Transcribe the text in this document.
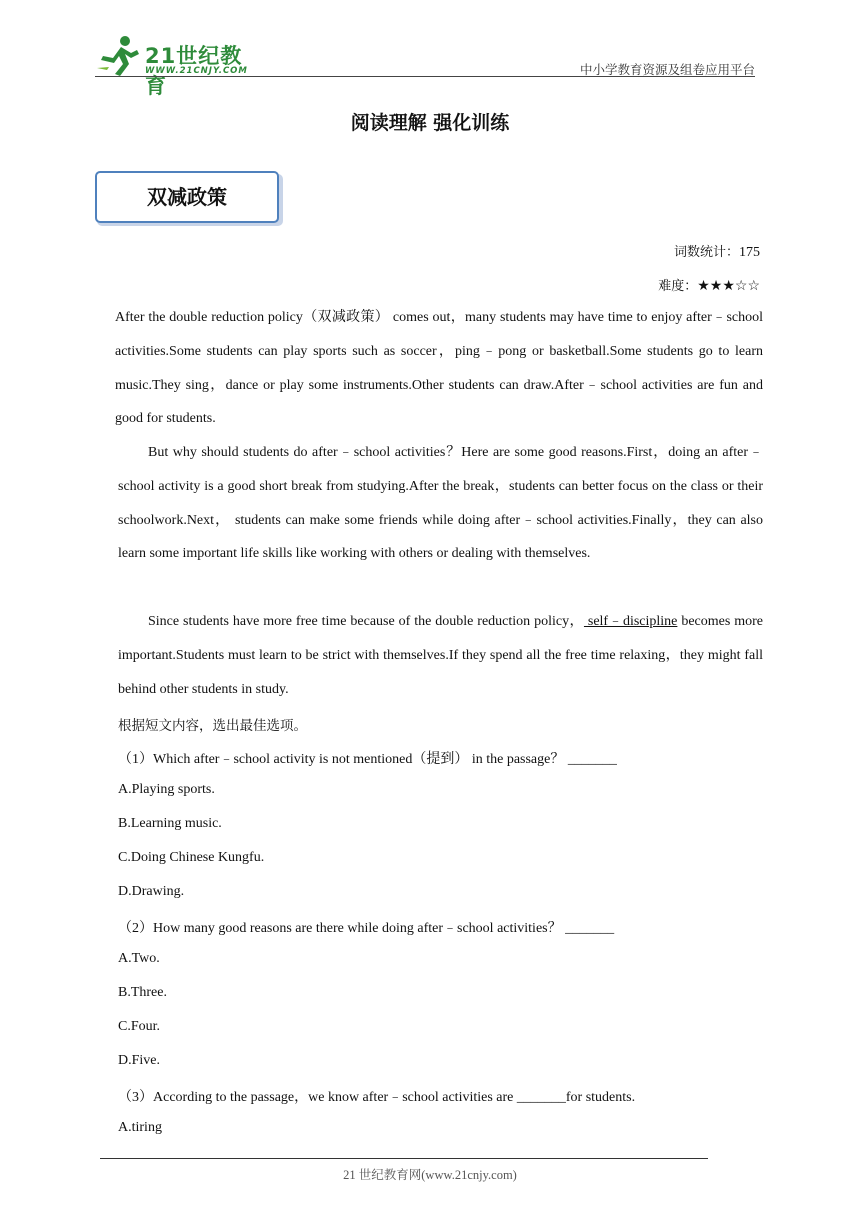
21世纪教育
WWW.21CNJY.COM	中小学教育资源及组卷应用平台
阅读理解 强化训练
双减政策
词数统计：175
难度：★★★☆☆
After the double reduction policy（双减政策） comes out，many students may have time to enjoy after﹣school activities.Some students can play sports such as soccer，ping﹣pong or basketball.Some students go to learn music.They sing，dance or play some instruments.Other students can draw.After﹣school activities are fun and good for students.
But why should students do after﹣school activities？Here are some good reasons.First，doing an after﹣school activity is a good short break from studying.After the break，students can better focus on the class or their schoolwork.Next， students can make some friends while doing after﹣school activities.Finally，they can also learn some important life skills like working with others or dealing with themselves.
Since students have more free time because of the double reduction policy， self﹣discipline becomes more important.Students must learn to be strict with themselves.If they spend all the free time relaxing，they might fall behind other students in study.
根据短文内容，选出最佳选项。
（1）Which after﹣school activity is not mentioned（提到） in the passage？ _______
A.Playing sports.
B.Learning music.
C.Doing Chinese Kungfu.
D.Drawing.
（2）How many good reasons are there while doing after﹣school activities？ _______
A.Two.
B.Three.
C.Four.
D.Five.
（3）According to the passage，we know after﹣school activities are _______for students.
A.tiring
21 世纪教育网(www.21cnjy.com)
